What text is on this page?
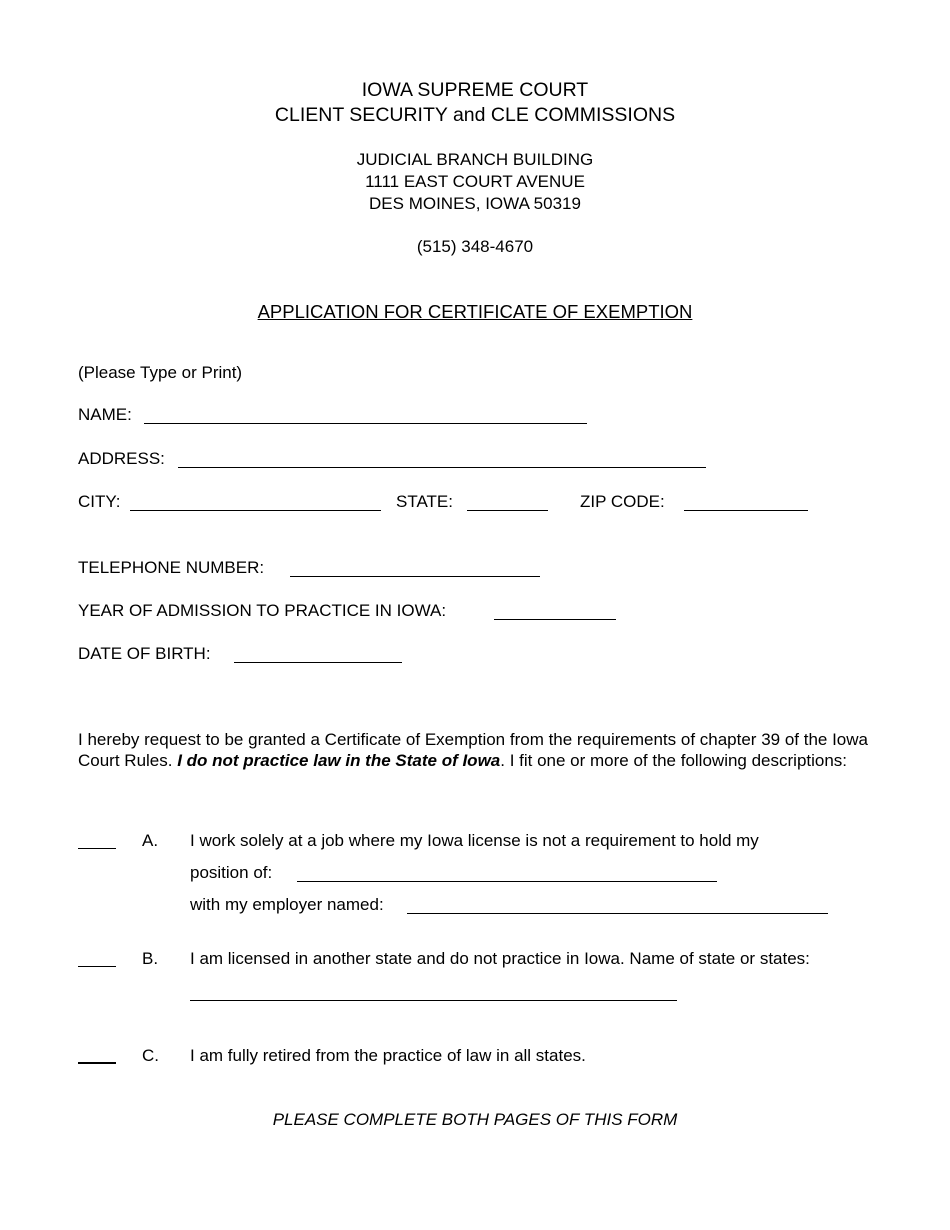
IOWA SUPREME COURT
CLIENT SECURITY and CLE COMMISSIONS
JUDICIAL BRANCH BUILDING
1111 EAST COURT AVENUE
DES MOINES, IOWA 50319
(515) 348-4670
APPLICATION FOR CERTIFICATE OF EXEMPTION
(Please Type or Print)
NAME:
ADDRESS:
CITY:	STATE:	ZIP CODE:
TELEPHONE NUMBER:
YEAR OF ADMISSION TO PRACTICE IN IOWA:
DATE OF BIRTH:
I hereby request to be granted a Certificate of Exemption from the requirements of chapter 39 of the Iowa Court Rules. I do not practice law in the State of Iowa. I fit one or more of the following descriptions:
A. I work solely at a job where my Iowa license is not a requirement to hold my
position of:
with my employer named:
B. I am licensed in another state and do not practice in Iowa. Name of state or states:
C. I am fully retired from the practice of law in all states.
PLEASE COMPLETE BOTH PAGES OF THIS FORM
